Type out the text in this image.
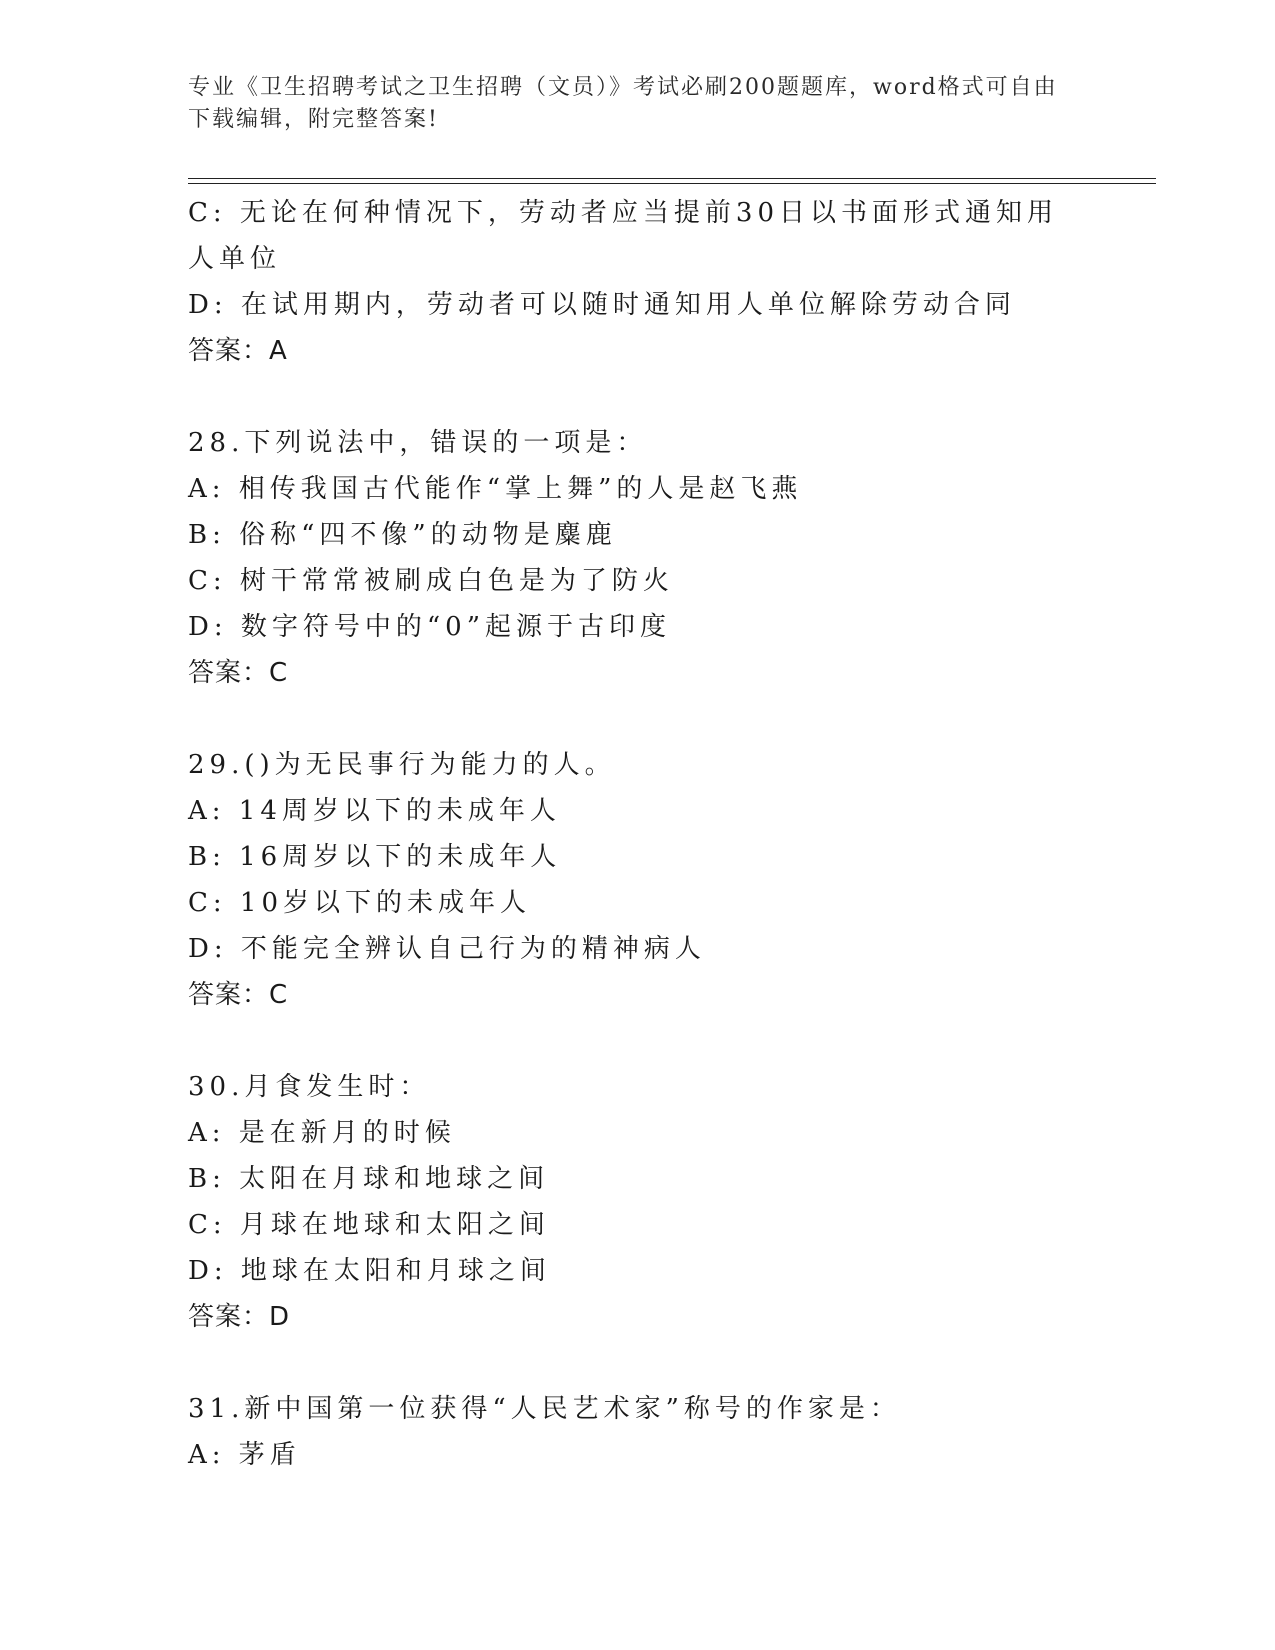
专业《卫生招聘考试之卫生招聘（文员）》考试必刷200题题库，word格式可自由下载编辑，附完整答案!
C: 无论在何种情况下，劳动者应当提前30日以书面形式通知用人单位
D: 在试用期内，劳动者可以随时通知用人单位解除劳动合同
答案：A
28.下列说法中，错误的一项是：
A: 相传我国古代能作“掌上舞”的人是赵飞燕
B: 俗称“四不像”的动物是麋鹿
C: 树干常常被刷成白色是为了防火
D: 数字符号中的“0”起源于古印度
答案：C
29.()为无民事行为能力的人。
A: 14周岁以下的未成年人
B: 16周岁以下的未成年人
C: 10岁以下的未成年人
D: 不能完全辨认自己行为的精神病人
答案：C
30.月食发生时：
A: 是在新月的时候
B: 太阳在月球和地球之间
C: 月球在地球和太阳之间
D: 地球在太阳和月球之间
答案：D
31.新中国第一位获得“人民艺术家”称号的作家是：
A: 茅盾
